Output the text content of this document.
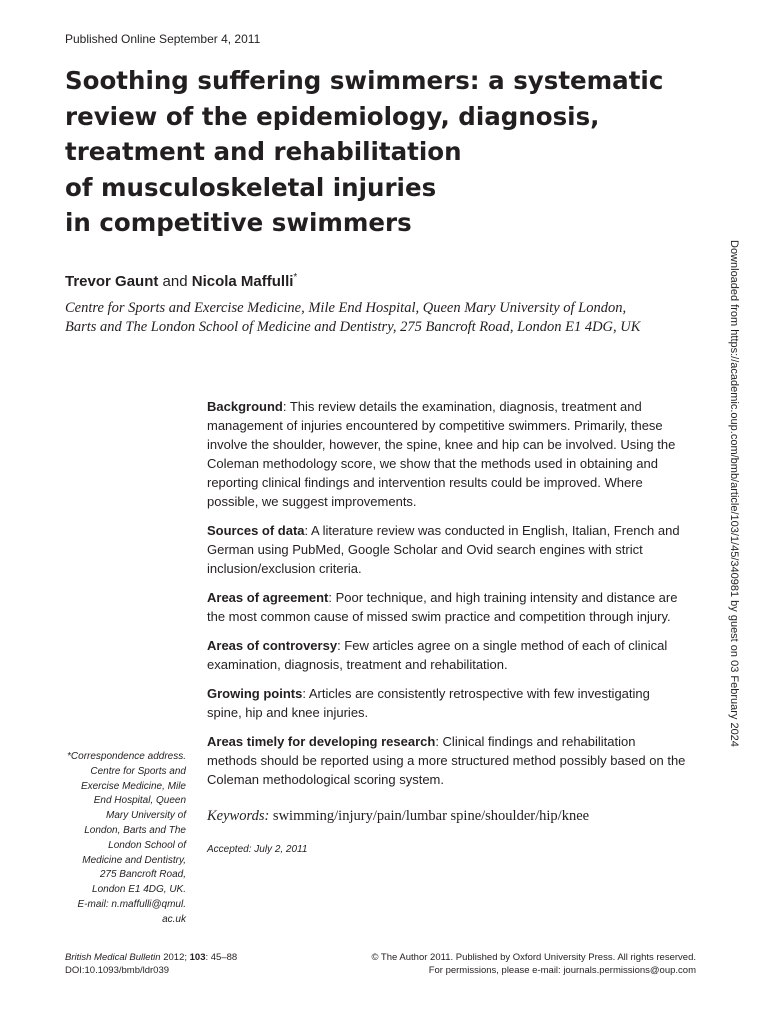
Published Online September 4, 2011
Soothing suffering swimmers: a systematic
review of the epidemiology, diagnosis,
treatment and rehabilitation
of musculoskeletal injuries
in competitive swimmers
Trevor Gaunt and Nicola Maffulli*
Centre for Sports and Exercise Medicine, Mile End Hospital, Queen Mary University of London,
Barts and The London School of Medicine and Dentistry, 275 Bancroft Road, London E1 4DG, UK

Background: This review details the examination, diagnosis, treatment and management of injuries encountered by competitive swimmers. Primarily, these involve the shoulder, however, the spine, knee and hip can be involved. Using the Coleman methodology score, we show that the methods used in obtaining and reporting clinical findings and intervention results could be improved. Where possible, we suggest improvements.

Sources of data: A literature review was conducted in English, Italian, French and German using PubMed, Google Scholar and Ovid search engines with strict inclusion/exclusion criteria.

Areas of agreement: Poor technique, and high training intensity and distance are the most common cause of missed swim practice and competition through injury.

Areas of controversy: Few articles agree on a single method of each of clinical examination, diagnosis, treatment and rehabilitation.

Growing points: Articles are consistently retrospective with few investigating spine, hip and knee injuries.

Areas timely for developing research: Clinical findings and rehabilitation methods should be reported using a more structured method possibly based on the Coleman methodological scoring system.

Keywords: swimming/injury/pain/lumbar spine/shoulder/hip/knee
Accepted: July 2, 2011
*Correspondence address.
Centre for Sports and
Exercise Medicine, Mile
End Hospital, Queen
Mary University of
London, Barts and The
London School of
Medicine and Dentistry,
275 Bancroft Road,
London E1 4DG, UK.
E-mail: n.maffulli@qmul.
ac.uk
British Medical Bulletin 2012; 103: 45–88
DOI:10.1093/bmb/ldr039
© The Author 2011. Published by Oxford University Press. All rights reserved.
For permissions, please e-mail: journals.permissions@oup.com
Downloaded from https://academic.oup.com/bmb/article/103/1/45/340981 by guest on 03 February 2024
